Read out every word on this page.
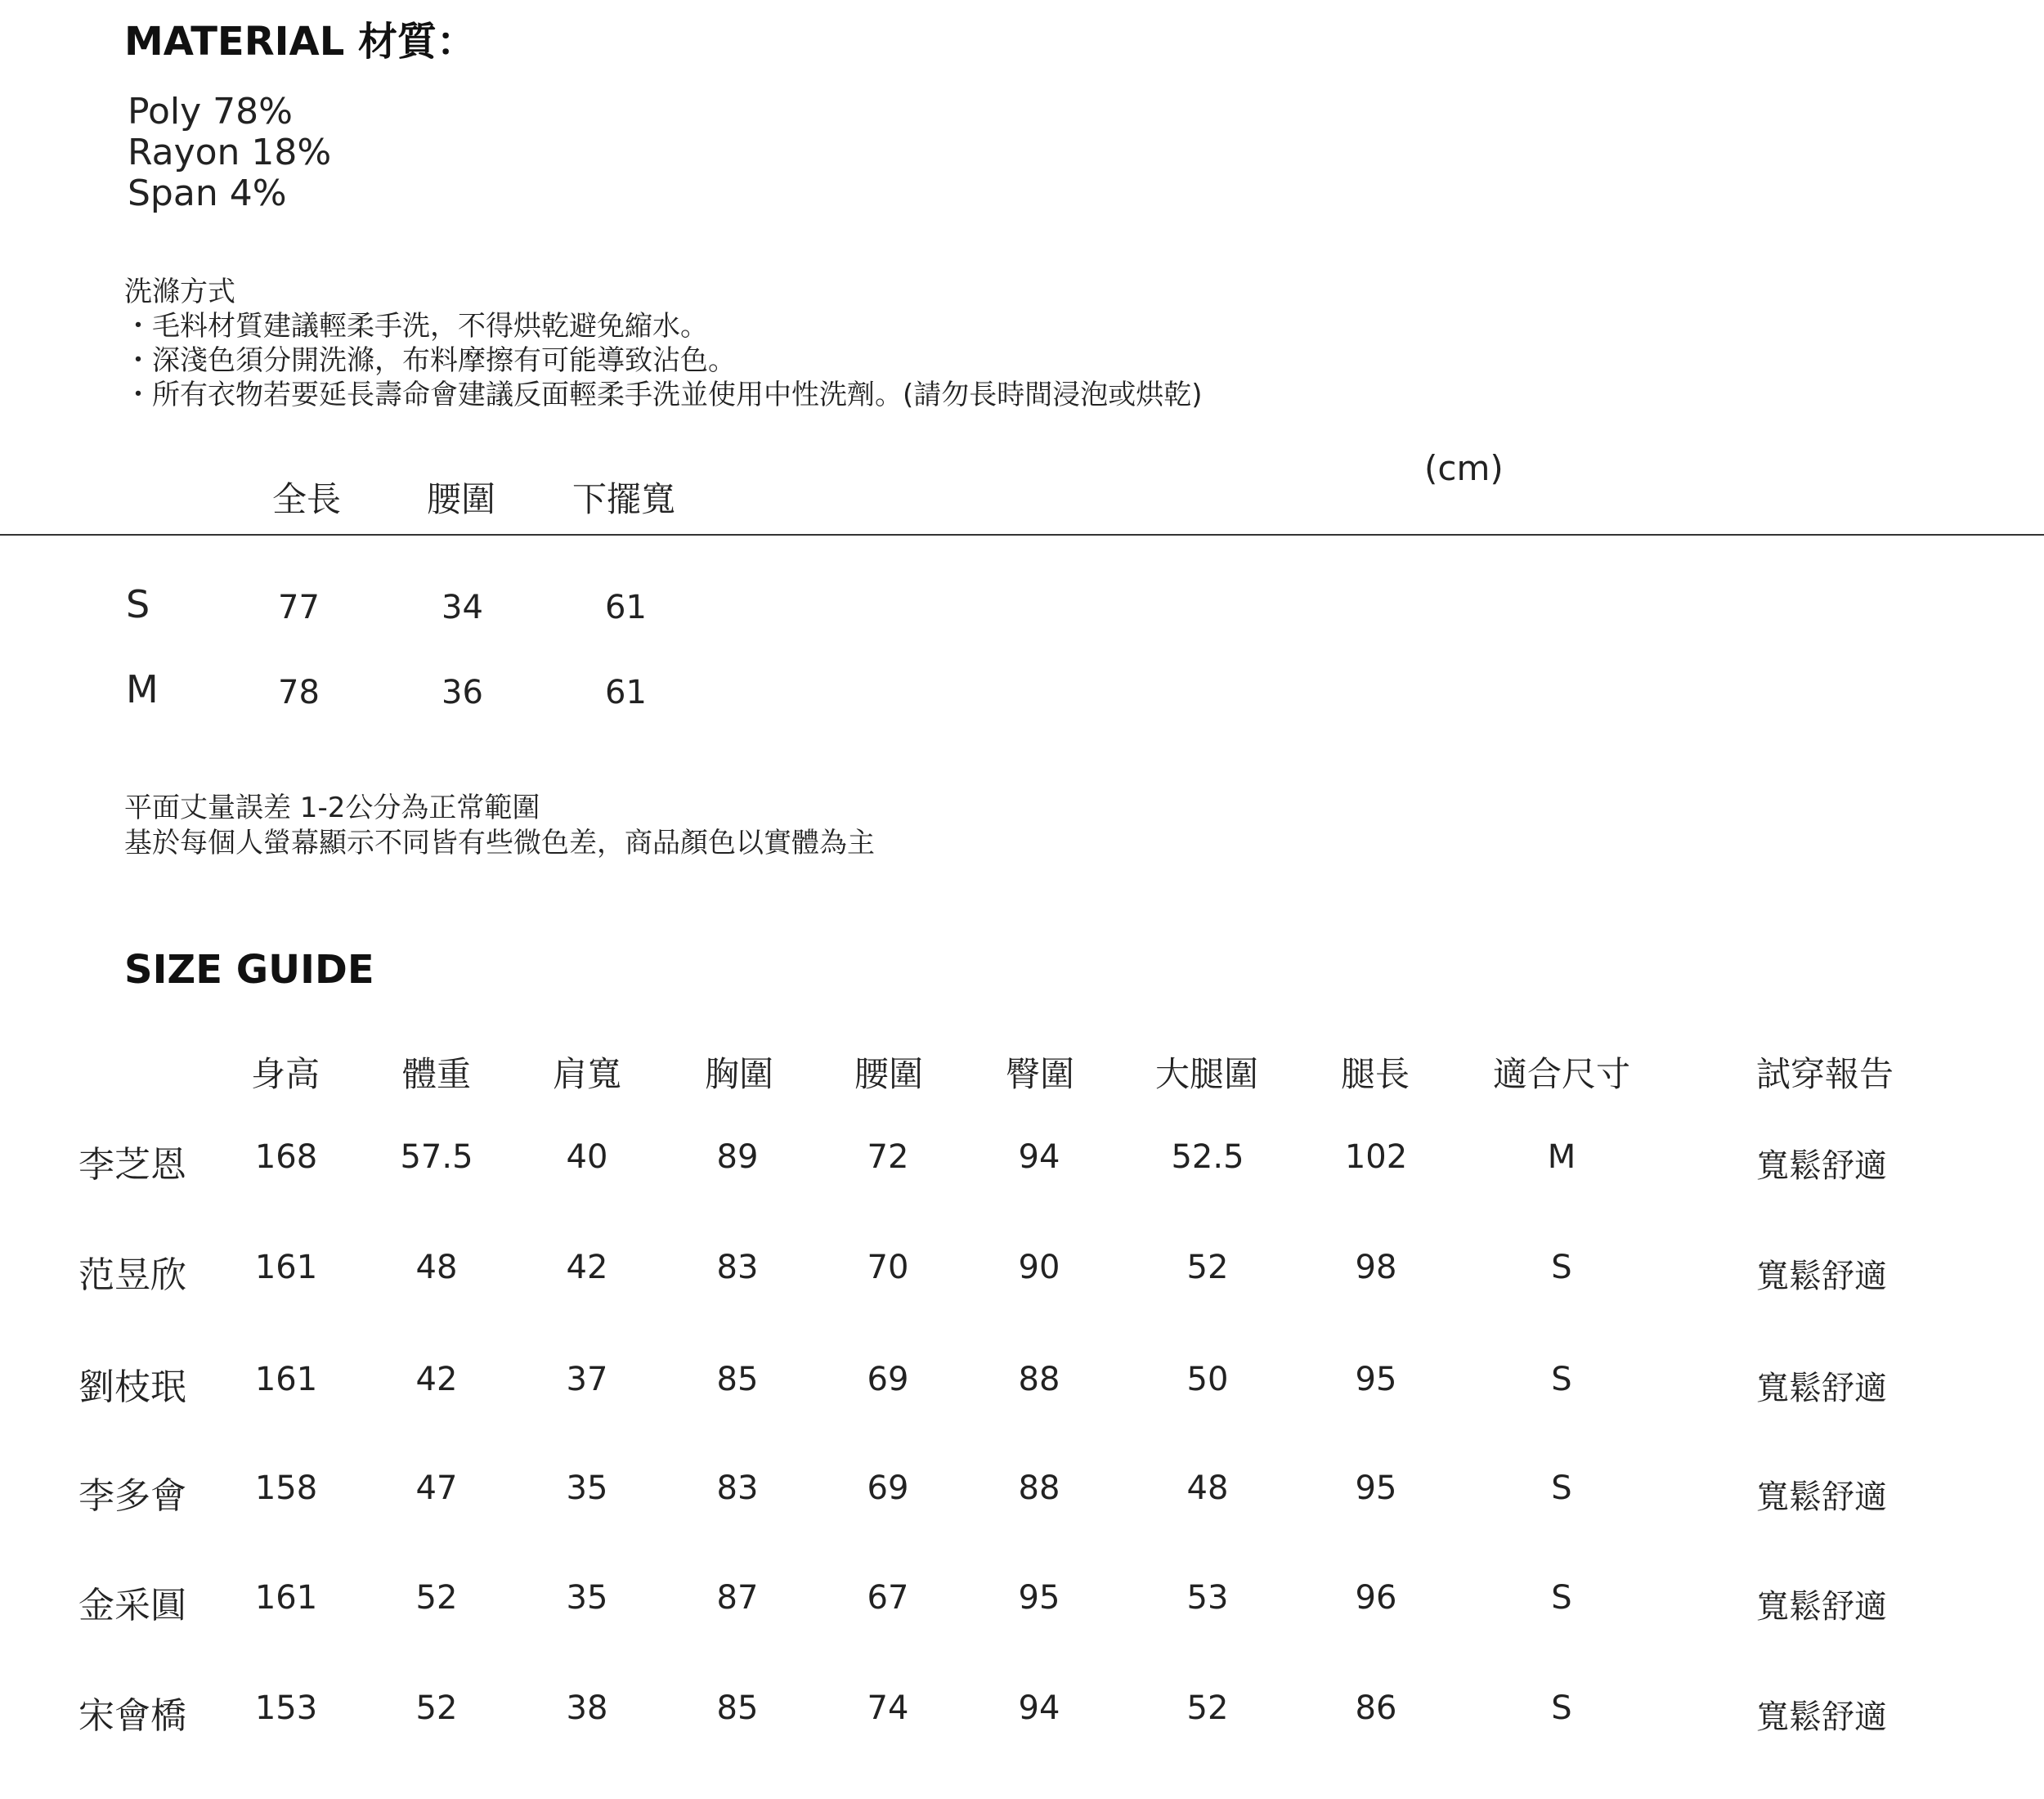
MATERIAL 材質：
Poly 78%
Rayon 18%
Span 4%
洗滌方式
・毛料材質建議輕柔手洗，不得烘乾避免縮水。
・深淺色須分開洗滌，布料摩擦有可能導致沾色。
・所有衣物若要延長壽命會建議反面輕柔手洗並使用中性洗劑。(請勿長時間浸泡或烘乾)
(cm)
全長 腰圍 下擺寬
S	77	34	61
M	78	36	61
平面丈量誤差 1-2公分為正常範圍
基於每個人螢幕顯示不同皆有些微色差，商品顏色以實體為主
SIZE GUIDE
身高 體重 肩寬 胸圍 腰圍 臀圍 大腿圍 腿長 適合尺寸	試穿報告
李芝恩	168	57.5	40	89	72	94	52.5	102	M	寬鬆舒適
范昱欣	161	48	42	83	70	90	52	98	S	寬鬆舒適
劉枝珉	161	42	37	85	69	88	50	95	S	寬鬆舒適
李多會	158	47	35	83	69	88	48	95	S	寬鬆舒適
金采圓	161	52	35	87	67	95	53	96	S	寬鬆舒適
宋會橋	153	52	38	85	74	94	52	86	S	寬鬆舒適
